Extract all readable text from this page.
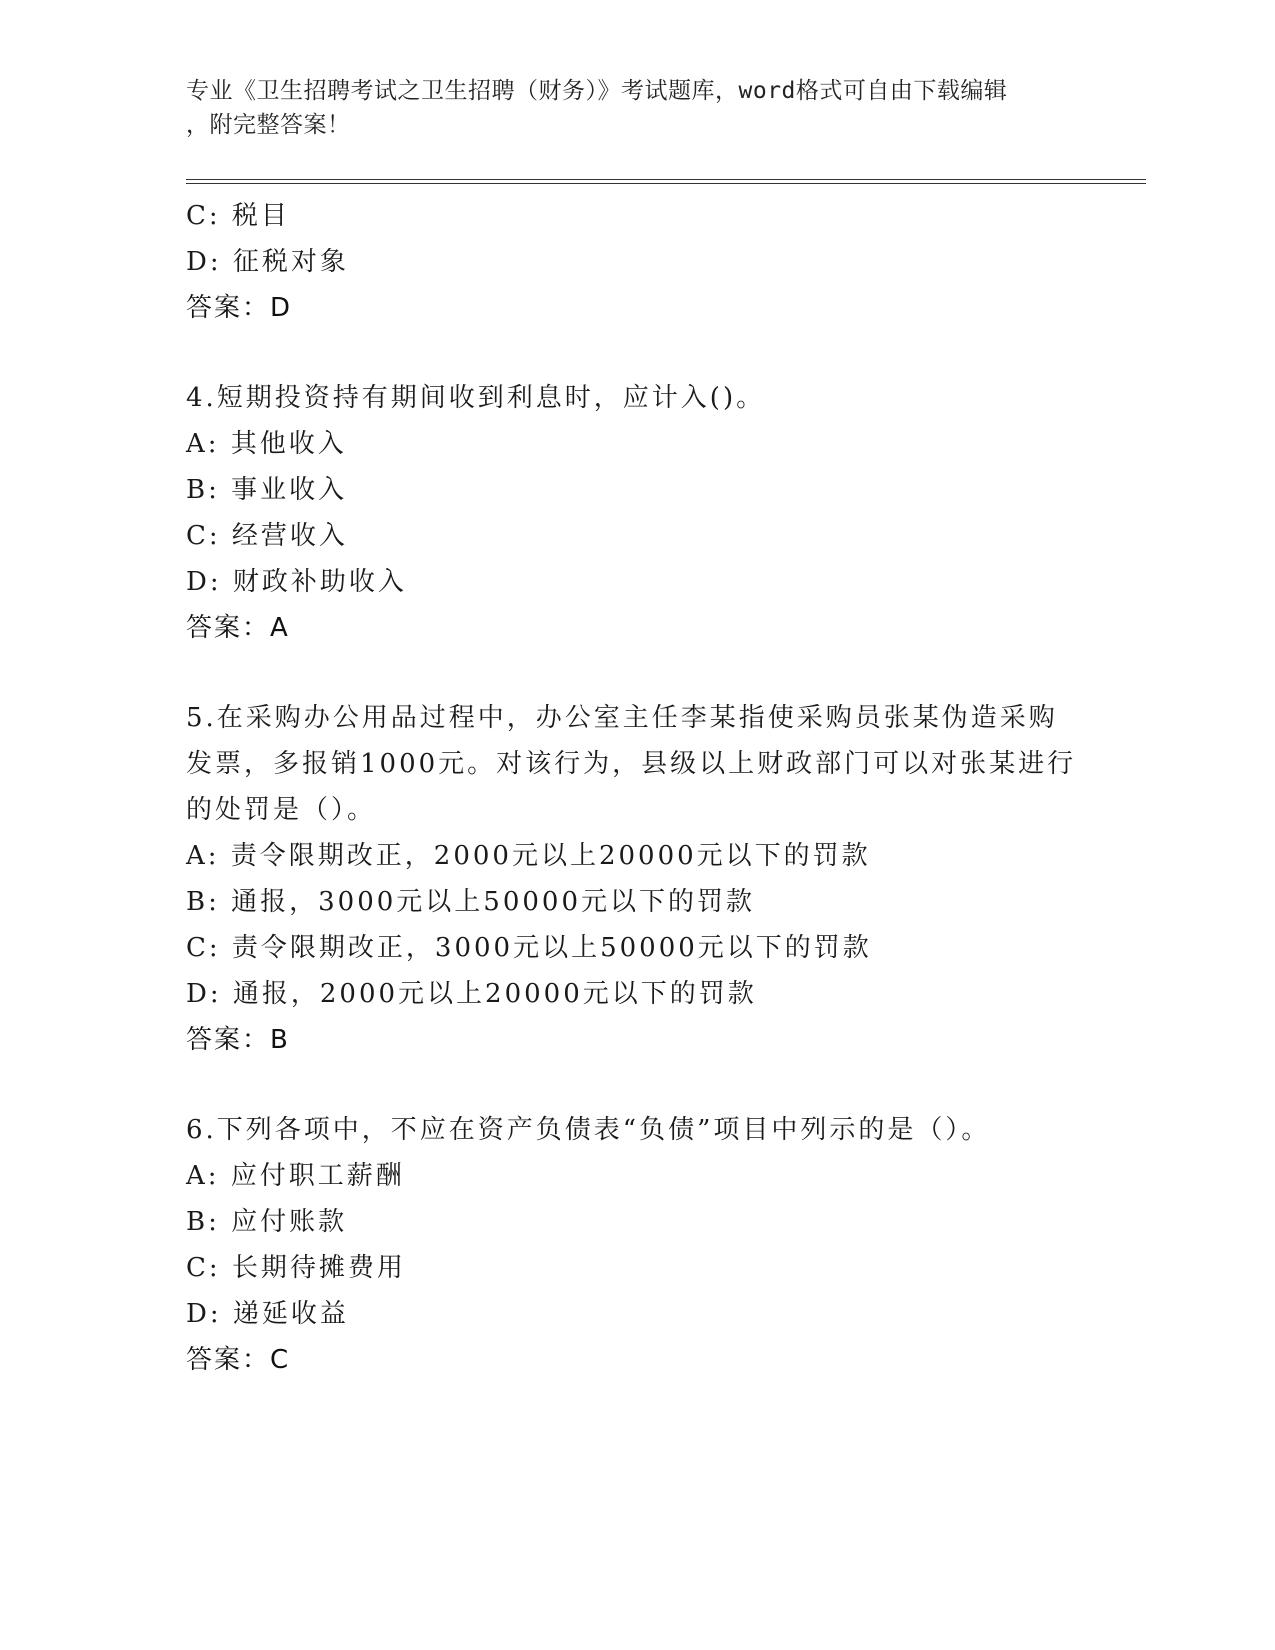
专业《卫生招聘考试之卫生招聘（财务）》考试题库，word格式可自由下载编辑
，附完整答案！
C: 税目
D: 征税对象
答案：D
4.短期投资持有期间收到利息时，应计入()。
A: 其他收入
B: 事业收入
C: 经营收入
D: 财政补助收入
答案：A
5.在采购办公用品过程中，办公室主任李某指使采购员张某伪造采购
发票，多报销1000元。对该行为，县级以上财政部门可以对张某进行
的处罚是（）。
A: 责令限期改正，2000元以上20000元以下的罚款
B: 通报，3000元以上50000元以下的罚款
C: 责令限期改正，3000元以上50000元以下的罚款
D: 通报，2000元以上20000元以下的罚款
答案：B
6.下列各项中，不应在资产负债表“负债”项目中列示的是（）。
A: 应付职工薪酬
B: 应付账款
C: 长期待摊费用
D: 递延收益
答案：C
